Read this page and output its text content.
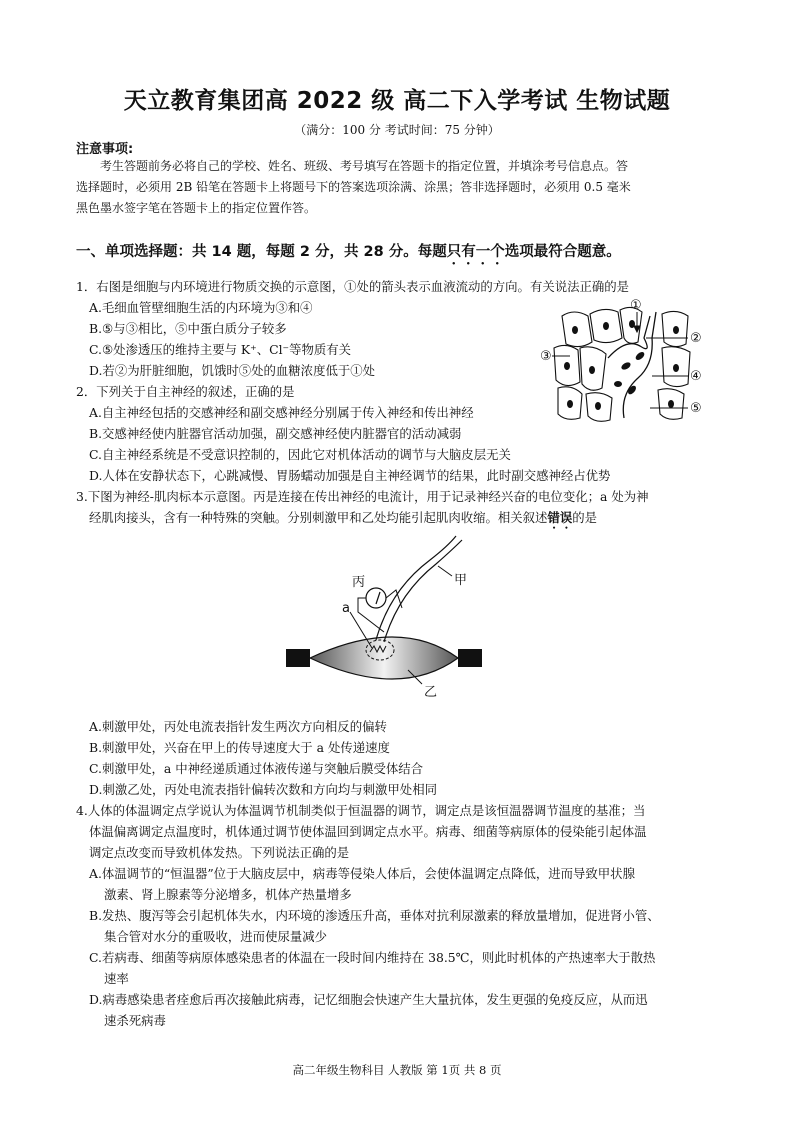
天立教育集团高 2022 级 高二下入学考试 生物试题
（满分：100 分 考试时间：75 分钟）
注意事项:

考生答题前务必将自己的学校、姓名、班级、考号填写在答题卡的指定位置，并填涂考号信息点。答

选择题时，必须用 2B 铅笔在答题卡上将题号下的答案选项涂满、涂黑；答非选择题时，必须用 0.5 毫米

黑色墨水签字笔在答题卡上的指定位置作答。

一、单项选择题：共 14 题，每题 2 分，共 28 分。每题只有一个选项最符合题意。
1．右图是细胞与内环境进行物质交换的示意图，①处的箭头表示血液流动的方向。有关说法正确的是
A.毛细血管壁细胞生活的内环境为③和④
B.⑤与③相比，⑤中蛋白质分子较多
C.⑤处渗透压的维持主要与 K⁺、Cl⁻等物质有关
D.若②为肝脏细胞，饥饿时⑤处的血糖浓度低于①处
①
②
③
④
⑤
2．下列关于自主神经的叙述，正确的是
A.自主神经包括的交感神经和副交感神经分别属于传入神经和传出神经
B.交感神经使内脏器官活动加强，副交感神经使内脏器官的活动减弱
C.自主神经系统是不受意识控制的，因此它对机体活动的调节与大脑皮层无关
D.人体在安静状态下，心跳减慢、胃肠蠕动加强是自主神经调节的结果，此时副交感神经占优势
3.下图为神经-肌肉标本示意图。丙是连接在传出神经的电流计，用于记录神经兴奋的电位变化；a 处为神
经肌肉接头，含有一种特殊的突触。分别刺激甲和乙处均能引起肌肉收缩。相关叙述错误的是
丙	甲
a
乙
A.刺激甲处，丙处电流表指针发生两次方向相反的偏转
B.刺激甲处，兴奋在甲上的传导速度大于 a 处传递速度
C.刺激甲处，a 中神经递质通过体液传递与突触后膜受体结合
D.刺激乙处，丙处电流表指针偏转次数和方向均与刺激甲处相同
4.人体的体温调定点学说认为体温调节机制类似于恒温器的调节，调定点是该恒温器调节温度的基准；当
体温偏离调定点温度时，机体通过调节使体温回到调定点水平。病毒、细菌等病原体的侵染能引起体温
调定点改变而导致机体发热。下列说法正确的是
A.体温调节的“恒温器”位于大脑皮层中，病毒等侵染人体后，会使体温调定点降低，进而导致甲状腺
激素、肾上腺素等分泌增多，机体产热量增多
B.发热、腹泻等会引起机体失水，内环境的渗透压升高，垂体对抗利尿激素的释放量增加，促进肾小管、
集合管对水分的重吸收，进而使尿量减少
C.若病毒、细菌等病原体感染患者的体温在一段时间内维持在 38.5℃，则此时机体的产热速率大于散热
速率
D.病毒感染患者痊愈后再次接触此病毒，记忆细胞会快速产生大量抗体，发生更强的免疫反应，从而迅
速杀死病毒
高二年级生物科目 人教版 第 1页 共 8 页
